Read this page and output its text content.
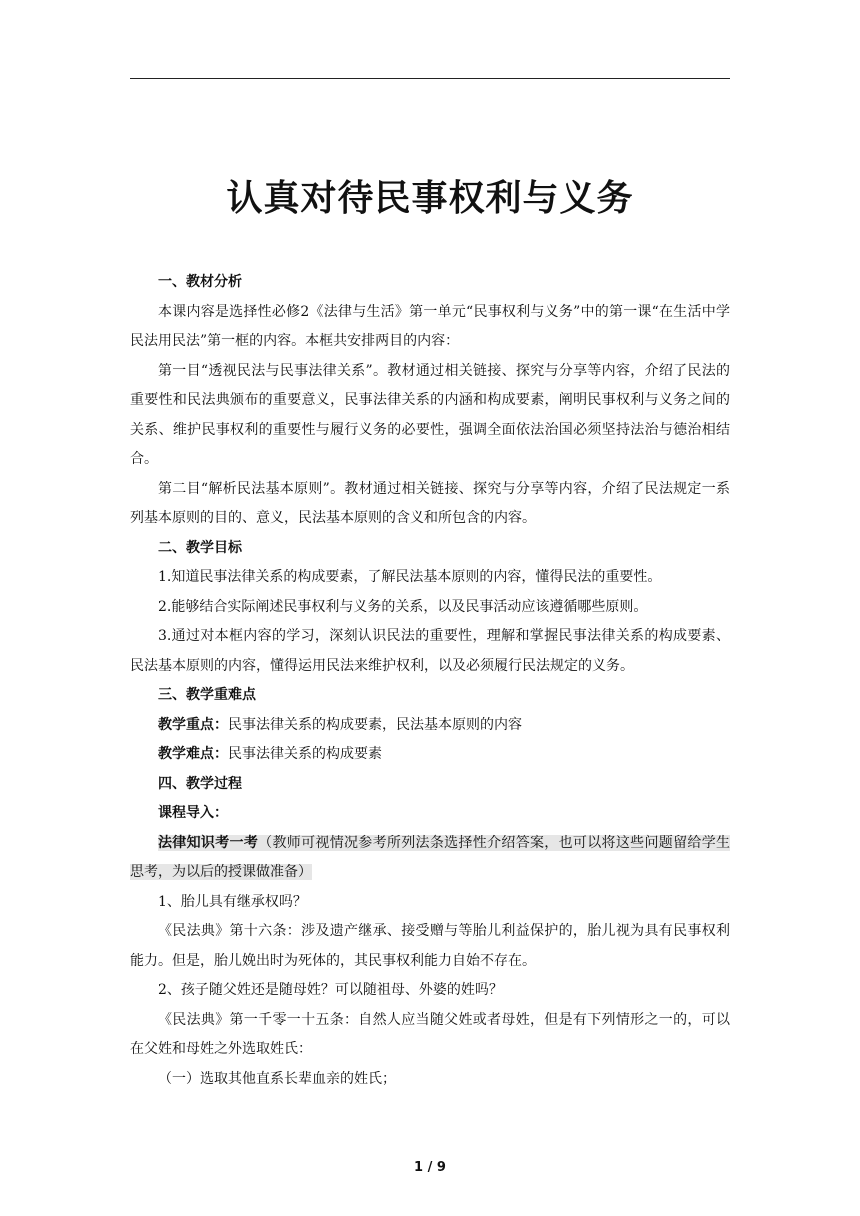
认真对待民事权利与义务

一、教材分析

本课内容是选择性必修2《法律与生活》第一单元“民事权利与义务”中的第一课“在生活中学民法用民法”第一框的内容。本框共安排两目的内容：

第一目“透视民法与民事法律关系”。教材通过相关链接、探究与分享等内容，介绍了民法的重要性和民法典颁布的重要意义，民事法律关系的内涵和构成要素，阐明民事权利与义务之间的关系、维护民事权利的重要性与履行义务的必要性，强调全面依法治国必须坚持法治与德治相结合。

第二目“解析民法基本原则”。教材通过相关链接、探究与分享等内容，介绍了民法规定一系列基本原则的目的、意义，民法基本原则的含义和所包含的内容。

二、教学目标

1.知道民事法律关系的构成要素，了解民法基本原则的内容，懂得民法的重要性。

2.能够结合实际阐述民事权利与义务的关系，以及民事活动应该遵循哪些原则。

3.通过对本框内容的学习，深刻认识民法的重要性，理解和掌握民事法律关系的构成要素、民法基本原则的内容，懂得运用民法来维护权利，以及必须履行民法规定的义务。

三、教学重难点

教学重点：民事法律关系的构成要素，民法基本原则的内容

教学难点：民事法律关系的构成要素

四、教学过程

课程导入：

法律知识考一考（教师可视情况参考所列法条选择性介绍答案，也可以将这些问题留给学生思考，为以后的授课做准备）

1、胎儿具有继承权吗？

《民法典》第十六条：涉及遗产继承、接受赠与等胎儿利益保护的，胎儿视为具有民事权利能力。但是，胎儿娩出时为死体的，其民事权利能力自始不存在。

2、孩子随父姓还是随母姓？可以随祖母、外婆的姓吗？

《民法典》第一千零一十五条：自然人应当随父姓或者母姓，但是有下列情形之一的，可以在父姓和母姓之外选取姓氏：

（一）选取其他直系长辈血亲的姓氏；

1 / 9
